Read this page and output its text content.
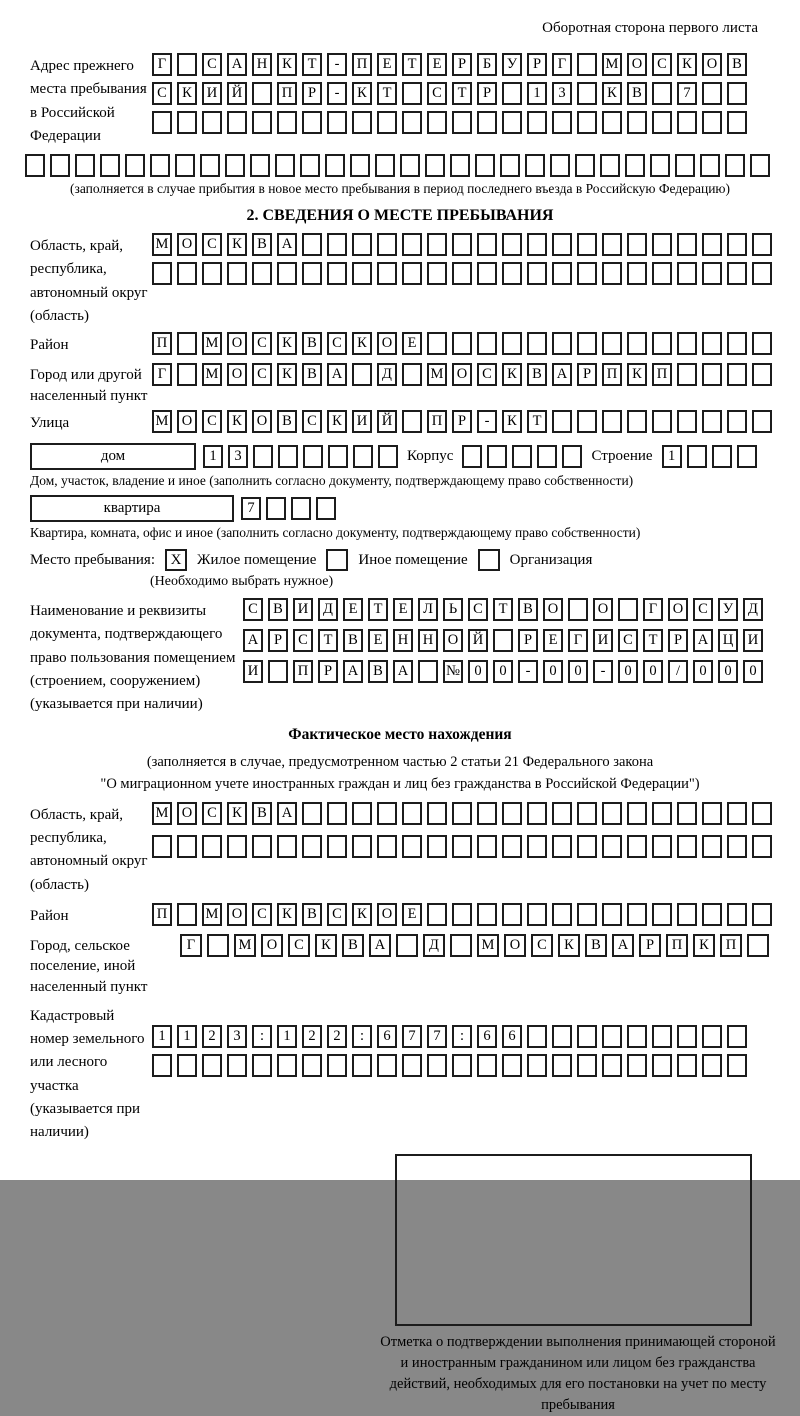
Оборотная сторона первого листа
Адрес прежнего места пребывания в Российской Федерации
Г	С	А	Н	К	Т	-	П	Е	Т	Е	Р	Б	У	Р	Г	М О	С	К	О	В
С	К	И	Й	П	Р	-	К	Т	С	Т	Р	1	3	К	В	7
(заполняется в случае прибытия в новое место пребывания в период последнего въезда в Российскую Федерацию)
2. СВЕДЕНИЯ О МЕСТЕ ПРЕБЫВАНИЯ
Область, край, республика, автономный округ (область)
М О	С	К	В	А
Район	П	М О	С	К	В	С	К	О	Е
Город или другой населенный пункт
Г	М О	С	К	В	А	Д	М О	С	К	В	А	Р	П	К	П
Улица	М О	С	К	О	В	С	К	И	Й	П	Р	-	К	Т
дом	1	3	Корпус	Строение	1
Дом, участок, владение и иное (заполнить согласно документу, подтверждающему право собственности)
квартира	7
Квартира, комната, офис и иное (заполнить согласно документу, подтверждающему право собственности)
Место пребывания:	X	Жилое помещение	Иное помещение	Организация
(Необходимо выбрать нужное)
Наименование и реквизиты документа, подтверждающего право пользования помещением (строением, сооружением) (указывается при наличии)
С	В	И	Д	Е	Т	Е	Л	Ь	С	Т	В	О	О	Г	О	С	У	Д
А	Р	С	Т	В	Е	Н	Н	О	Й	Р	Е	Г	И	С	Т	Р	А	Ц	И
И	П	Р	А	В	А	№ 0	0	-	0	0	-	0	0	/	0	0	0
Фактическое место нахождения
(заполняется в случае, предусмотренном частью 2 статьи 21 Федерального закона
"О миграционном учете иностранных граждан и лиц без гражданства в Российской Федерации")
Область, край, республика, автономный округ (область)
М О	С	К	В	А
Район	П	М О	С	К	В	С	К	О	Е
Город, сельское поселение, иной населенный пункт
Г	М	О	С	К	В	А	Д	М	О	С	К	В	А	Р	П	К	П
Кадастровый номер земельного или лесного участка (указывается при наличии)
1	1	2	3	:	1	2	2	:	6	7	7	:	6	6
Отметка о подтверждении выполнения принимающей стороной и иностранным гражданином или лицом без гражданства действий, необходимых для его постановки на учет по месту пребывания
